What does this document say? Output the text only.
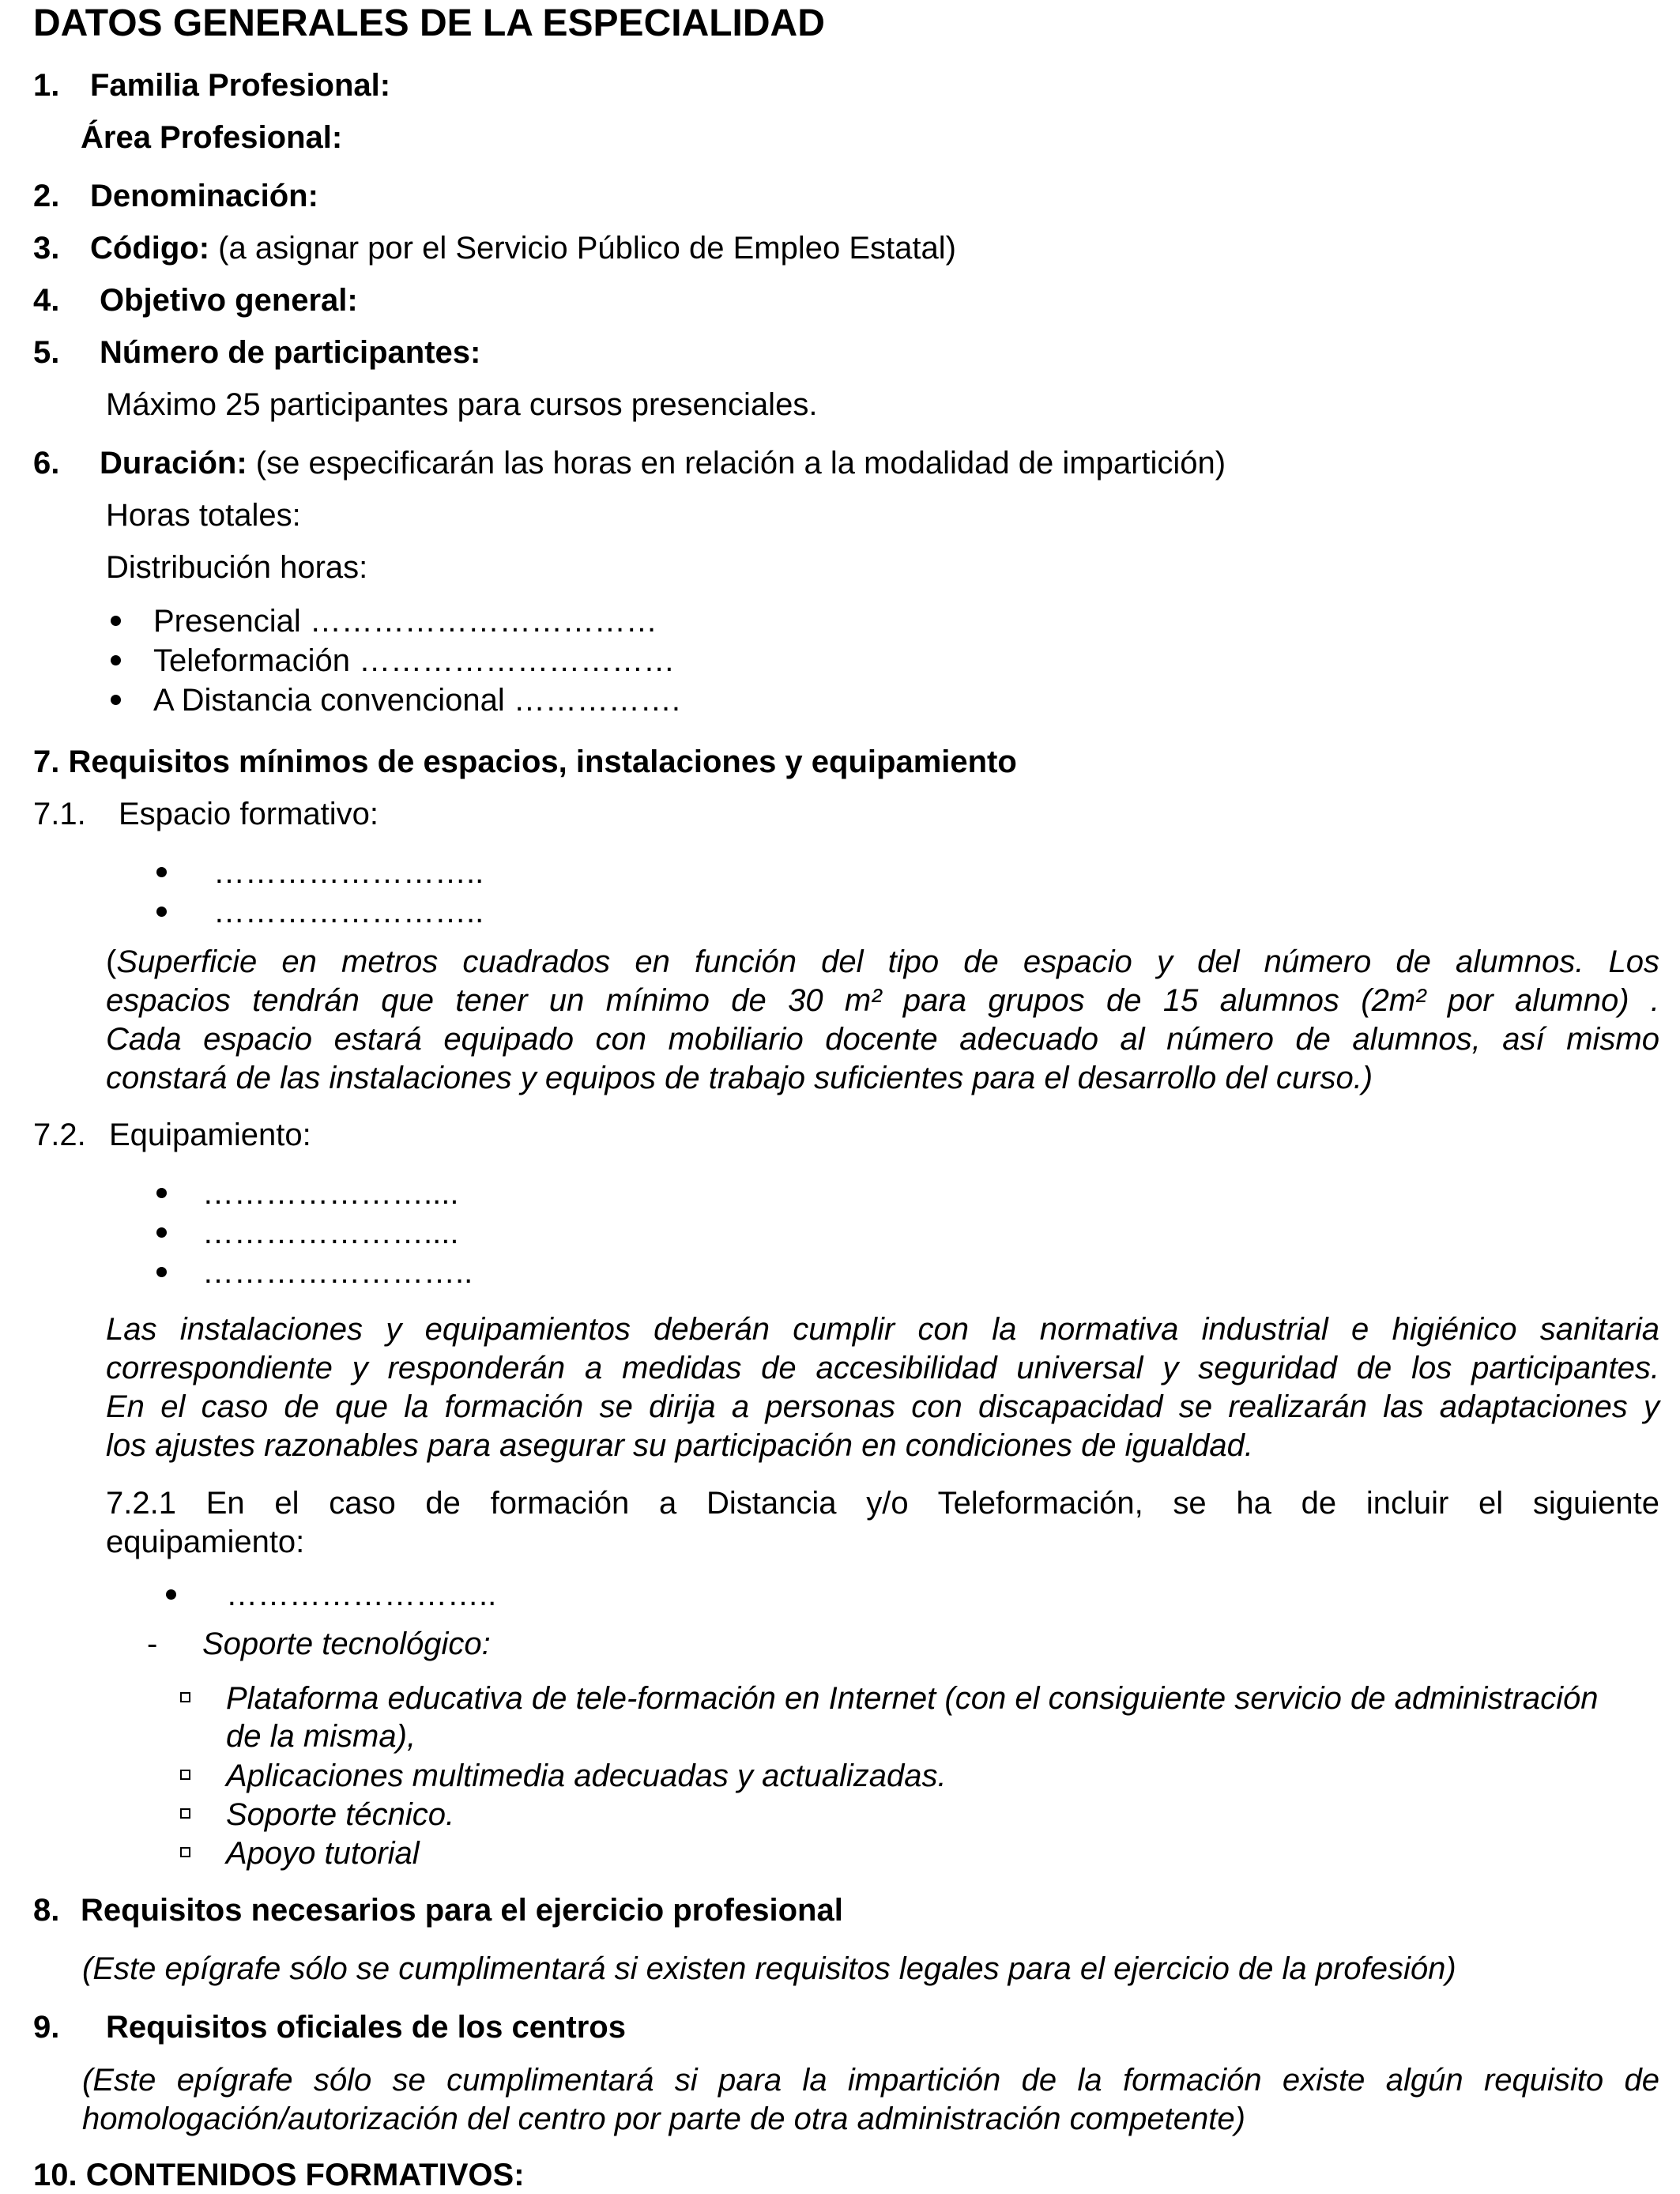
DATOS GENERALES DE LA ESPECIALIDAD
1. Familia Profesional:
Área Profesional:
2. Denominación:
3. Código: (a asignar por el Servicio Público de Empleo Estatal)
4. Objetivo general:
5. Número de participantes:
Máximo 25 participantes para cursos presenciales.
6. Duración: (se especificarán las horas en relación a la modalidad de impartición)
Horas totales:
Distribución horas:
Presencial ……………………………
Teleformación …………………………
A Distancia convencional …………….
7. Requisitos mínimos de espacios, instalaciones y equipamiento
7.1. Espacio formativo:
……………………..
……………………..
(Superficie en metros cuadrados en función del tipo de espacio y del número de alumnos. Los
espacios tendrán que tener un mínimo de 30 m² para grupos de 15 alumnos (2m² por alumno) .
Cada espacio estará equipado con mobiliario docente adecuado al número de alumnos, así mismo
constará de las instalaciones y equipos de trabajo suficientes para el desarrollo del curso.)
7.2. Equipamiento:
…………………....
…………………....
……………………..
Las instalaciones y equipamientos deberán cumplir con la normativa industrial e higiénico sanitaria
correspondiente y responderán a medidas de accesibilidad universal y seguridad de los participantes.
En el caso de que la formación se dirija a personas con discapacidad se realizarán las adaptaciones y
los ajustes razonables para asegurar su participación en condiciones de igualdad.
7.2.1 En el caso de formación a Distancia y/o Teleformación, se ha de incluir el siguiente
equipamiento:
……………………..
- Soporte tecnológico:
Plataforma educativa de tele-formación en Internet (con el consiguiente servicio de administración
de la misma),
Aplicaciones multimedia adecuadas y actualizadas.
Soporte técnico.
Apoyo tutorial
8. Requisitos necesarios para el ejercicio profesional
(Este epígrafe sólo se cumplimentará si existen requisitos legales para el ejercicio de la profesión)
9. Requisitos oficiales de los centros
(Este epígrafe sólo se cumplimentará si para la impartición de la formación existe algún requisito de
homologación/autorización del centro por parte de otra administración competente)
10. CONTENIDOS FORMATIVOS:
